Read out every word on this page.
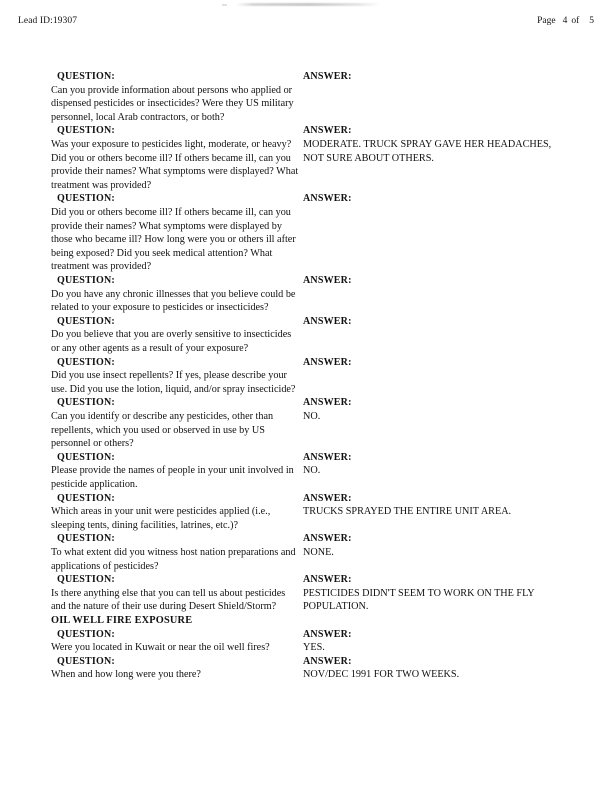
Lead ID:19307	Page 4 of 5
QUESTION:
Can you provide information about persons who applied or dispensed pesticides or insecticides? Were they US military personnel, local Arab contractors, or both?
ANSWER:
QUESTION:
Was your exposure to pesticides light, moderate, or heavy? Did you or others become ill? If others became ill, can you provide their names? What symptoms were displayed? What treatment was provided?
ANSWER:
MODERATE. TRUCK SPRAY GAVE HER HEADACHES, NOT SURE ABOUT OTHERS.
QUESTION:
Did you or others become ill? If others became ill, can you provide their names? What symptoms were displayed by those who became ill? How long were you or others ill after being exposed? Did you seek medical attention? What treatment was provided?
ANSWER:
QUESTION:
Do you have any chronic illnesses that you believe could be related to your exposure to pesticides or insecticides?
ANSWER:
QUESTION:
Do you believe that you are overly sensitive to insecticides or any other agents as a result of your exposure?
ANSWER:
QUESTION:
Did you use insect repellents? If yes, please describe your use. Did you use the lotion, liquid, and/or spray insecticide?
ANSWER:
QUESTION:
Can you identify or describe any pesticides, other than repellents, which you used or observed in use by US personnel or others?
ANSWER:
NO.
QUESTION:
Please provide the names of people in your unit involved in pesticide application.
ANSWER:
NO.
QUESTION:
Which areas in your unit were pesticides applied (i.e., sleeping tents, dining facilities, latrines, etc.)?
ANSWER:
TRUCKS SPRAYED THE ENTIRE UNIT AREA.
QUESTION:
To what extent did you witness host nation preparations and applications of pesticides?
ANSWER:
NONE.
QUESTION:
Is there anything else that you can tell us about pesticides and the nature of their use during Desert Shield/Storm?
ANSWER:
PESTICIDES DIDN'T SEEM TO WORK ON THE FLY POPULATION.
OIL WELL FIRE EXPOSURE
QUESTION:
Were you located in Kuwait or near the oil well fires?
ANSWER:
YES.
QUESTION:
When and how long were you there?
ANSWER:
NOV/DEC 1991 FOR TWO WEEKS.
